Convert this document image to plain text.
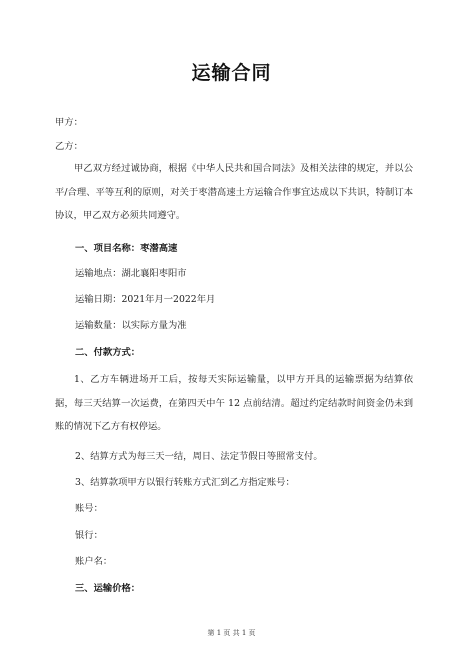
运输合同
甲方：
乙方：
甲乙双方经过诚协商，根据《中华人民共和国合同法》及相关法律的规定，并以公平/合理、平等互利的原则，对关于枣潜高速土方运输合作事宜达成以下共识，特制订本协议，甲乙双方必须共同遵守。
一、项目名称：枣潜高速
运输地点：湖北襄阳枣阳市
运输日期：2021年月一2022年月
运输数量：以实际方量为准
二、付款方式：
1、乙方车辆进场开工后，按每天实际运输量，以甲方开具的运输票据为结算依据，每三天结算一次运费，在第四天中午 12 点前结清。超过约定结款时间资金仍未到账的情况下乙方有权停运。
2、结算方式为每三天一结，周日、法定节假日等照常支付。
3、结算款项甲方以银行转账方式汇到乙方指定账号：
账号：
银行：
账户名：
三、运输价格：
第 1 页 共 1 页
